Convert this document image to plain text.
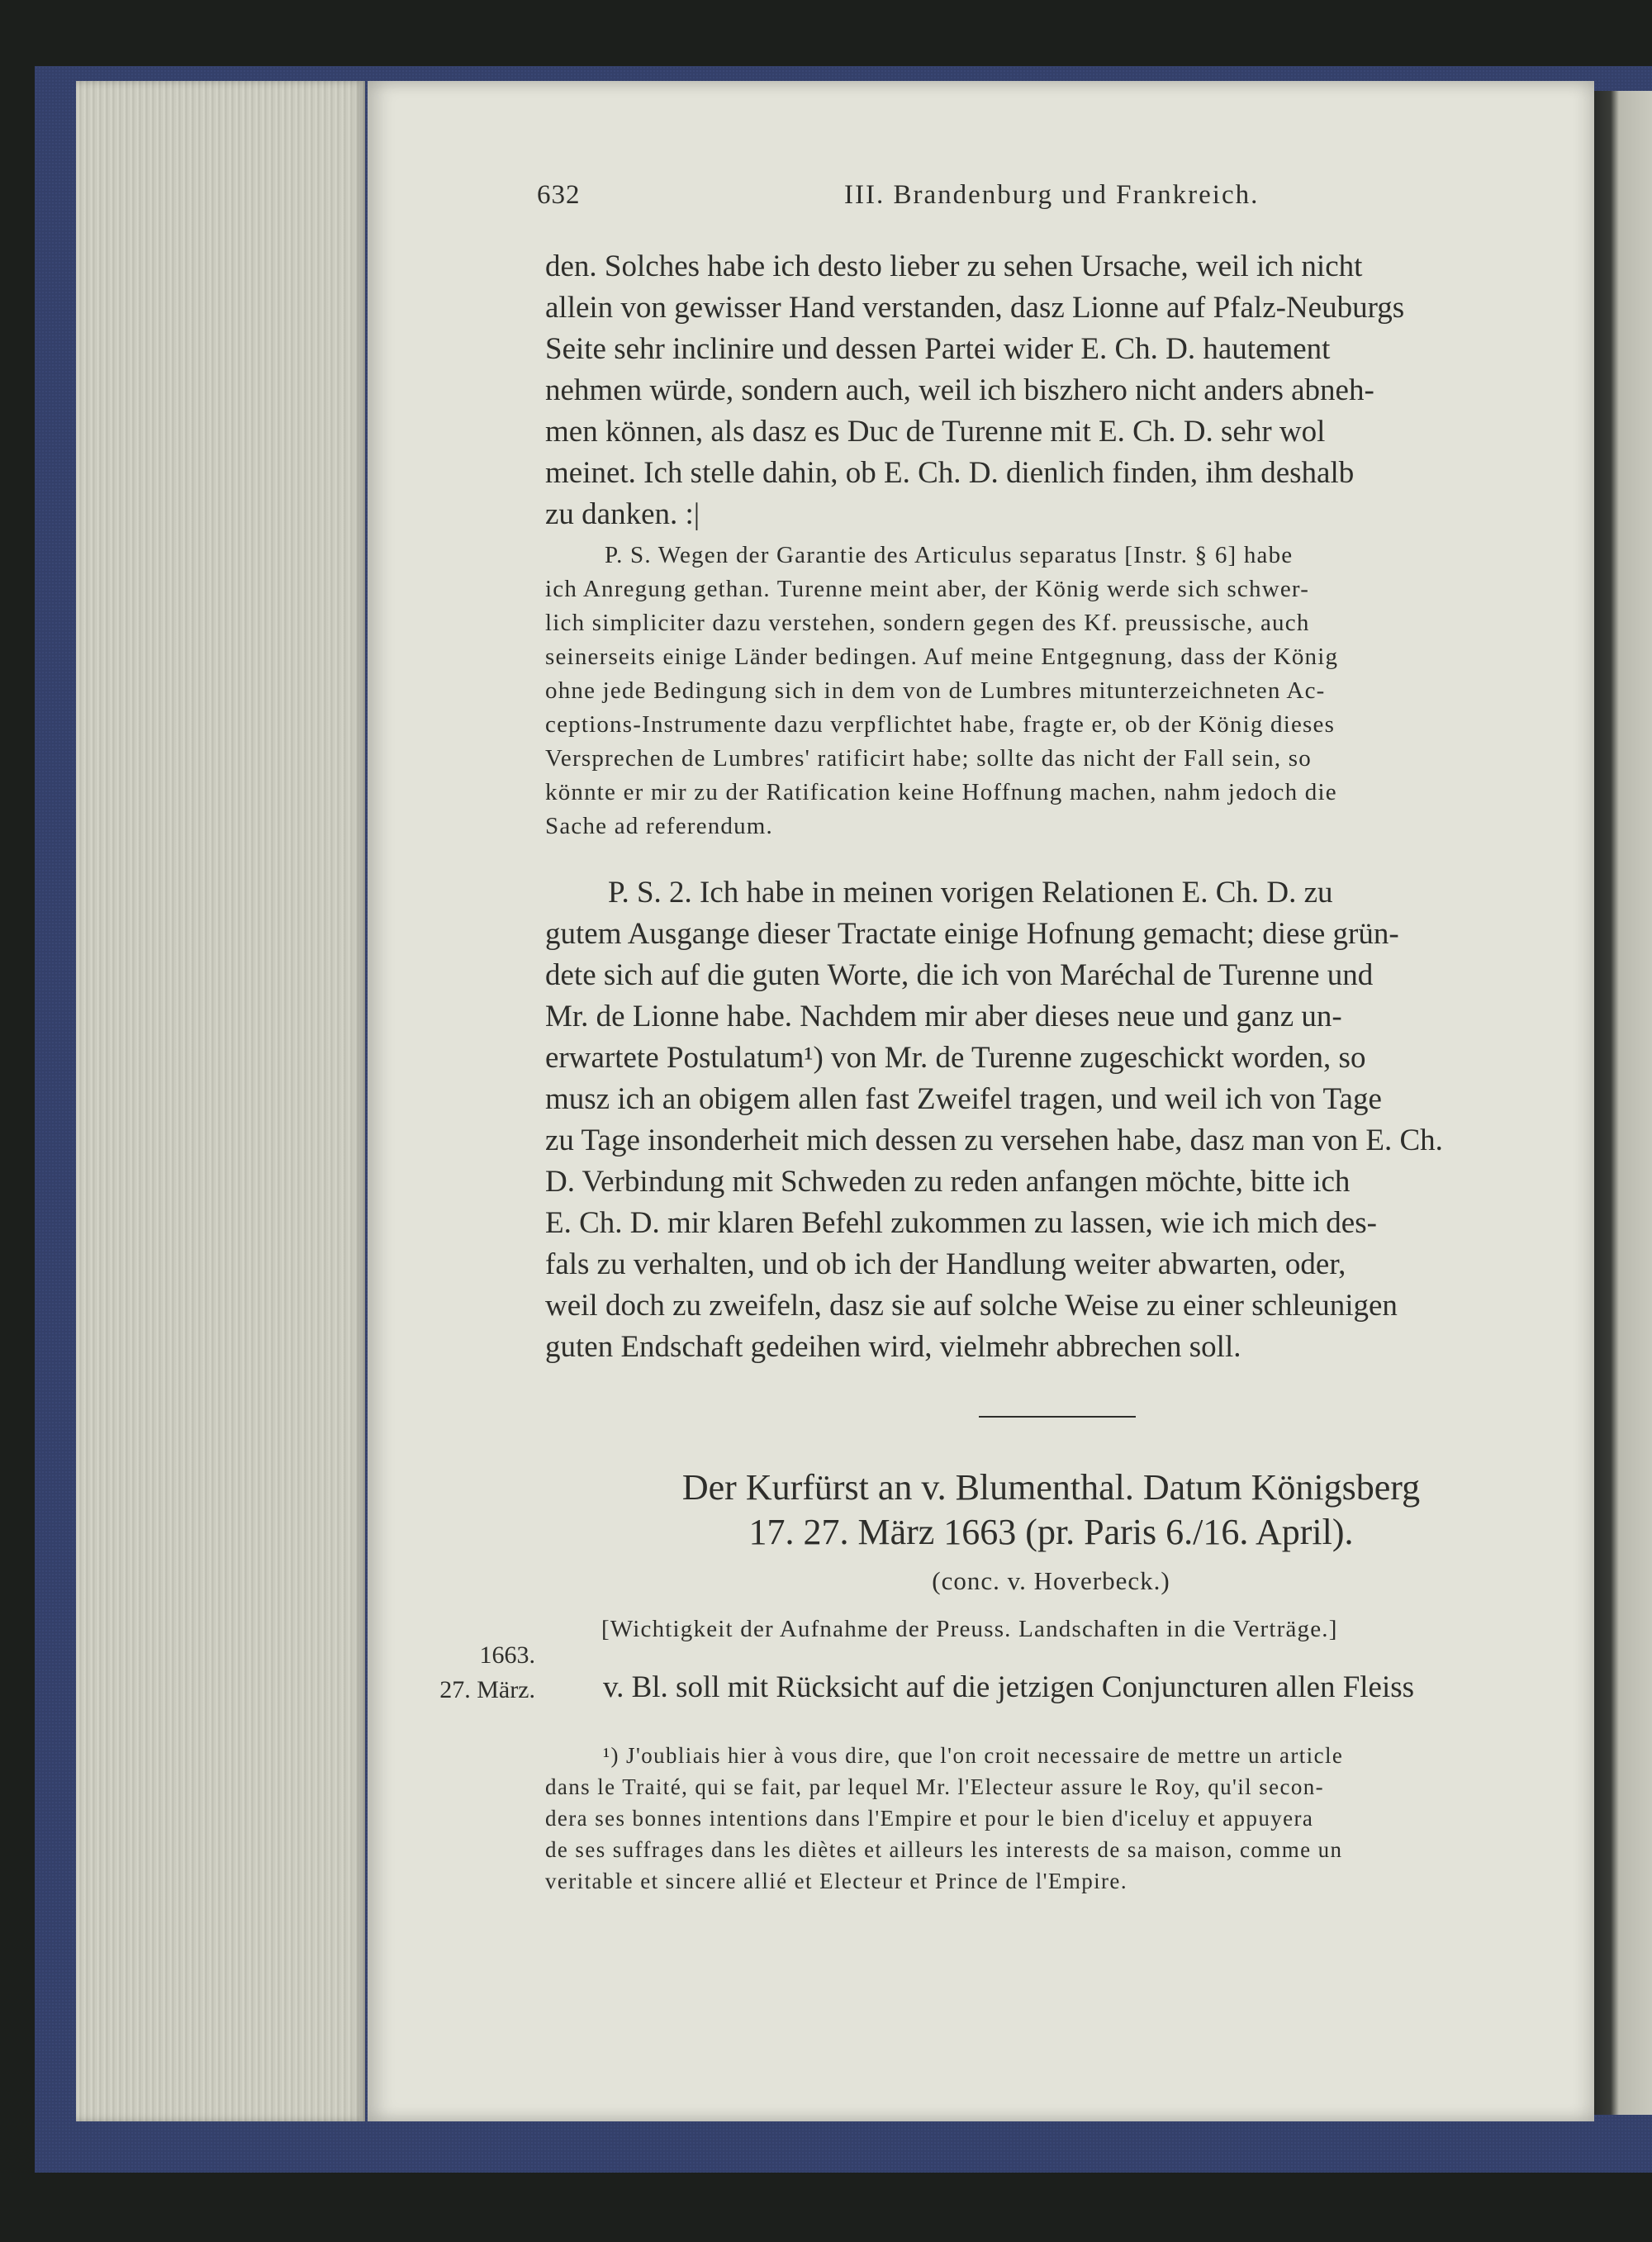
632	III. Brandenburg und Frankreich.
den. Solches habe ich desto lieber zu sehen Ursache, weil ich nicht
allein von gewisser Hand verstanden, dasz Lionne auf Pfalz-Neuburgs
Seite sehr inclinire und dessen Partei wider E. Ch. D. hautement
nehmen würde, sondern auch, weil ich biszhero nicht anders abneh-
men können, als dasz es Duc de Turenne mit E. Ch. D. sehr wol
meinet. Ich stelle dahin, ob E. Ch. D. dienlich finden, ihm deshalb
zu danken. :|
P. S. Wegen der Garantie des Articulus separatus [Instr. § 6] habe
ich Anregung gethan. Turenne meint aber, der König werde sich schwer-
lich simpliciter dazu verstehen, sondern gegen des Kf. preussische, auch
seinerseits einige Länder bedingen. Auf meine Entgegnung, dass der König
ohne jede Bedingung sich in dem von de Lumbres mitunterzeichneten Ac-
ceptions-Instrumente dazu verpflichtet habe, fragte er, ob der König dieses
Versprechen de Lumbres' ratificirt habe; sollte das nicht der Fall sein, so
könnte er mir zu der Ratification keine Hoffnung machen, nahm jedoch die
Sache ad referendum.
P. S. 2. Ich habe in meinen vorigen Relationen E. Ch. D. zu
gutem Ausgange dieser Tractate einige Hofnung gemacht; diese grün-
dete sich auf die guten Worte, die ich von Maréchal de Turenne und
Mr. de Lionne habe. Nachdem mir aber dieses neue und ganz un-
erwartete Postulatum¹) von Mr. de Turenne zugeschickt worden, so
musz ich an obigem allen fast Zweifel tragen, und weil ich von Tage
zu Tage insonderheit mich dessen zu versehen habe, dasz man von E. Ch.
D. Verbindung mit Schweden zu reden anfangen möchte, bitte ich
E. Ch. D. mir klaren Befehl zukommen zu lassen, wie ich mich des-
fals zu verhalten, und ob ich der Handlung weiter abwarten, oder,
weil doch zu zweifeln, dasz sie auf solche Weise zu einer schleunigen
guten Endschaft gedeihen wird, vielmehr abbrechen soll.
Der Kurfürst an v. Blumenthal. Datum Königsberg
17. 27. März 1663 (pr. Paris 6./16. April).
(conc. v. Hoverbeck.)
[Wichtigkeit der Aufnahme der Preuss. Landschaften in die Verträge.]
1663.
27. März. v. Bl. soll mit Rücksicht auf die jetzigen Conjuncturen allen Fleiss
¹) J'oubliais hier à vous dire, que l'on croit necessaire de mettre un article
dans le Traité, qui se fait, par lequel Mr. l'Electeur assure le Roy, qu'il secon-
dera ses bonnes intentions dans l'Empire et pour le bien d'iceluy et appuyera
de ses suffrages dans les diètes et ailleurs les interests de sa maison, comme un
veritable et sincere allié et Electeur et Prince de l'Empire.
